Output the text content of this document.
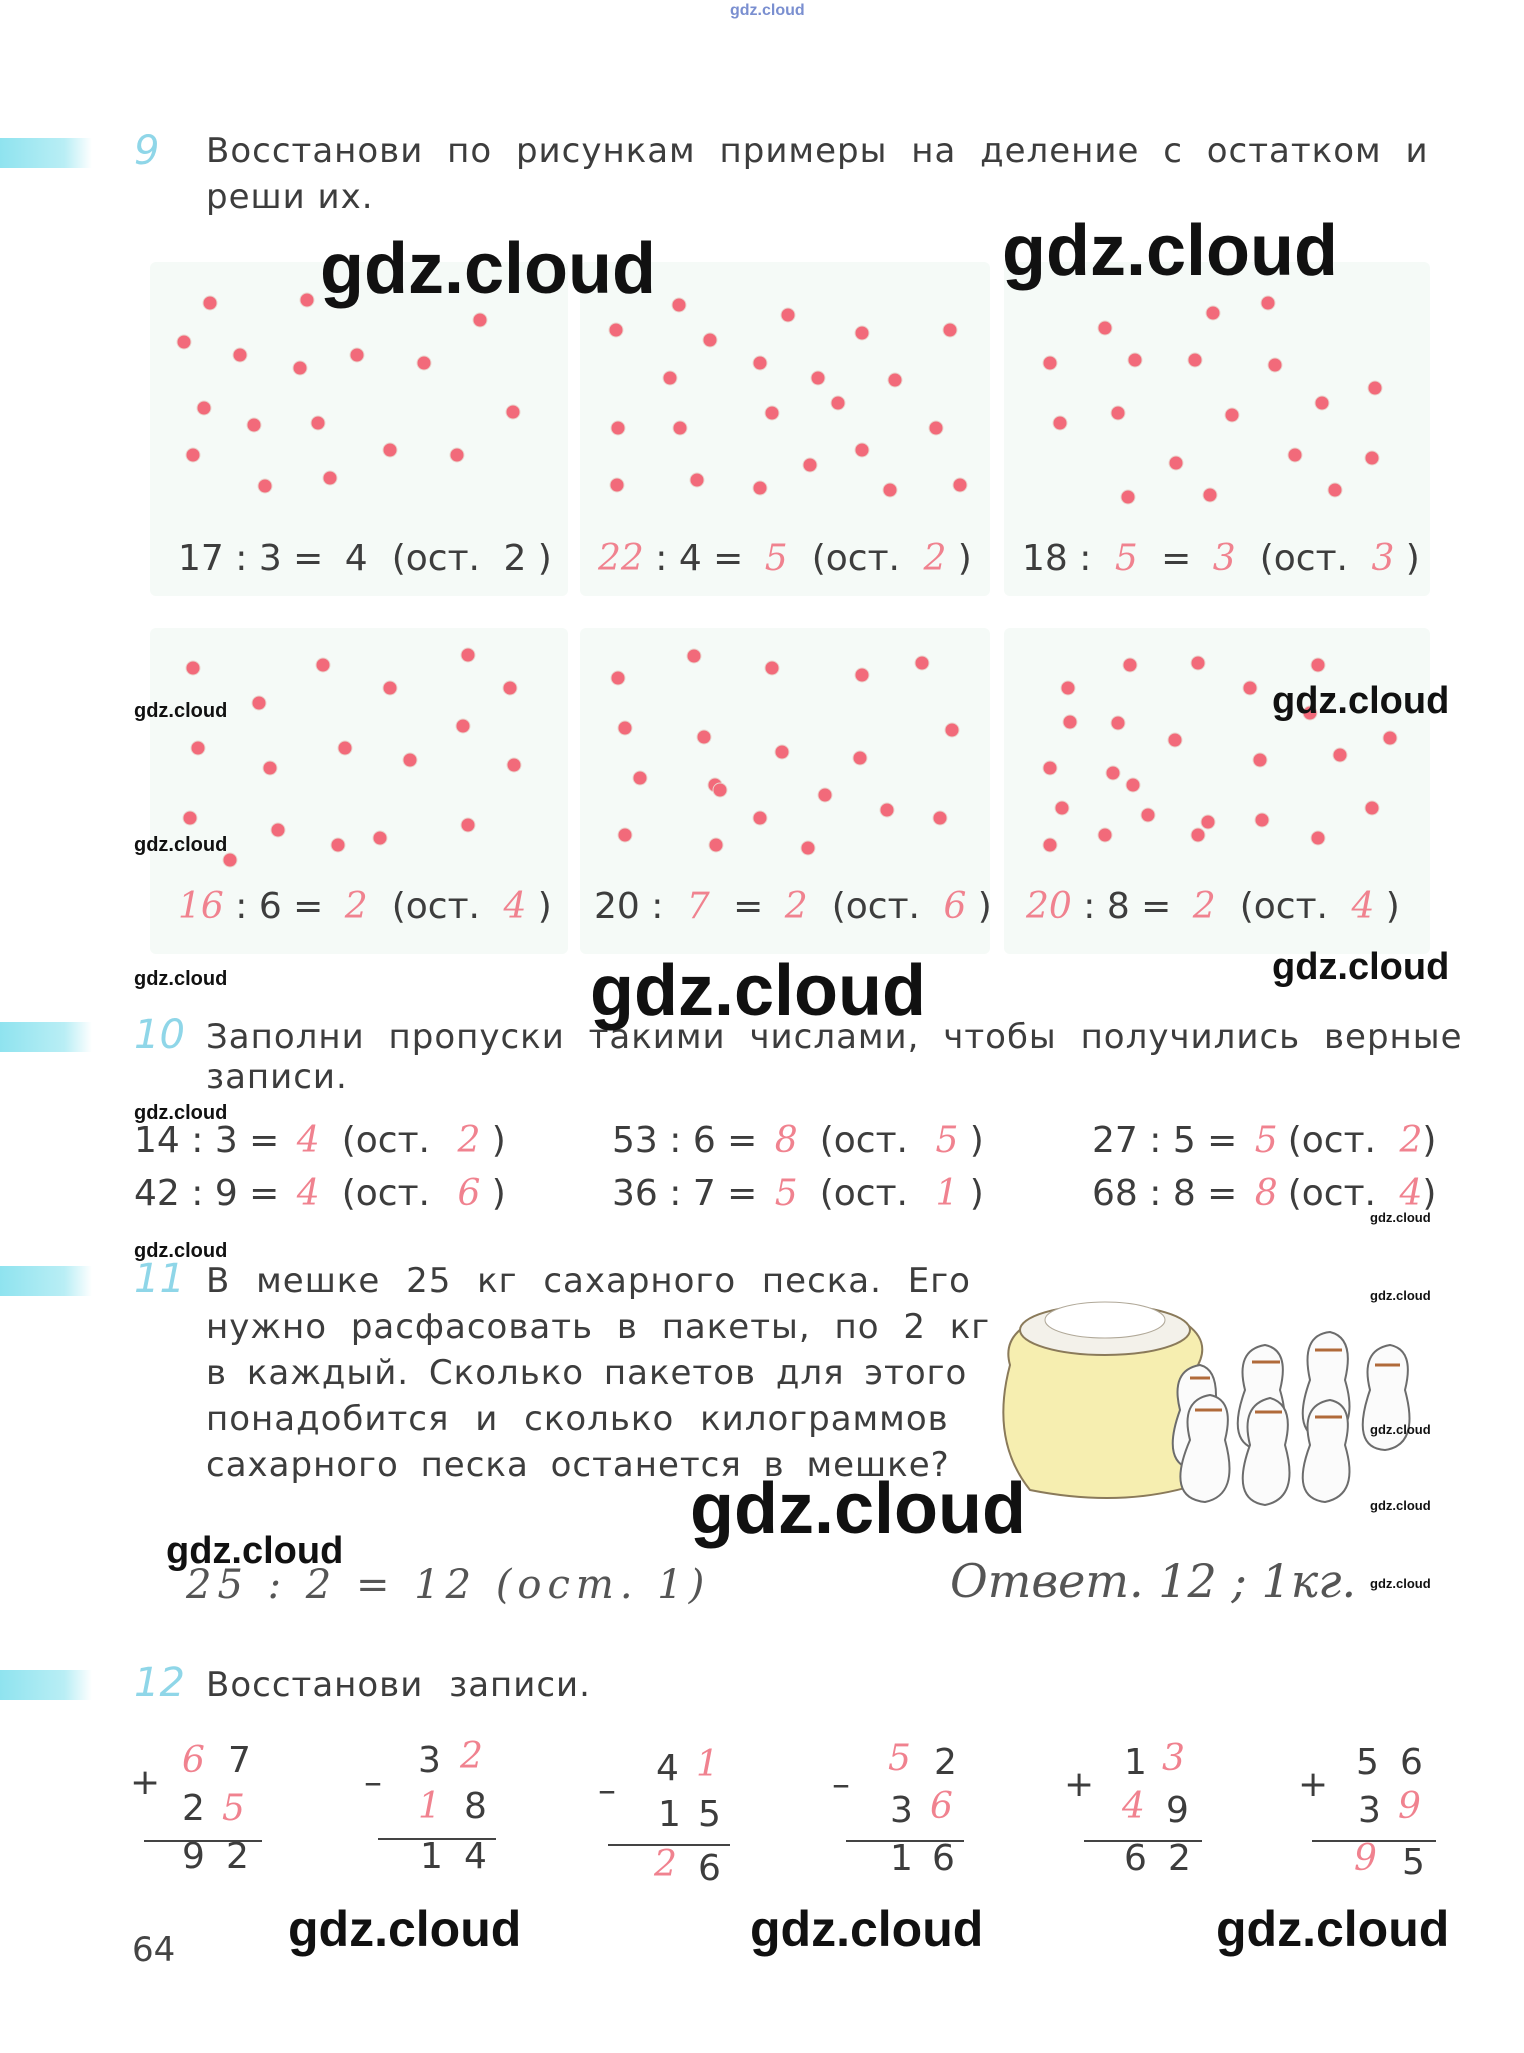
gdz.cloud
9 Восстанови по рисункам примеры на деление с остатком и
реши их.
17 : 3 = 4 (ост. 2 ) 22 : 4 = 5 (ост. 2 ) 18 : 5 = 3 (ост. 3 )
16 : 6 = 2 (ост. 4 ) 20 : 7 = 2 (ост. 6 ) 20 : 8 = 2 (ост. 4 )
10 Заполни пропуски такими числами, чтобы получились верные
записи.
14 : 3 = 4 (ост. 2 )	53 : 6 = 8 (ост. 5 )	27 : 5 = 5 (ост. 2)
42 : 9 = 4 (ост. 6 )	36 : 7 = 5 (ост. 1 )	68 : 8 = 8 (ост. 4)
11 В мешке 25 кг сахарного песка. Его
нужно расфасовать в пакеты, по 2 кг
в каждый. Сколько пакетов для этого
понадобится и сколько килограммов
сахарного песка останется в мешке?
25 : 2 = 12 (ост. 1)	Ответ. 12 ; 1кг.
12 Восстанови записи.
+
6 7
2 5
9 2
–
3 2
1 8
1 4
–
4 1
1 5
2 6
–
5 2
3 6
1 6
+
1 3
4 9
6 2
+
5 6
3 9
9 5
64
gdz.cloud	gdz.cloud
gdz.cloud	gdz.cloud
gdz.cloud
gdz.cloud	gdz.cloud	gdz.cloud
gdz.cloud
gdz.cloud
gdz.cloud
gdz.cloud
gdz.cloud
gdz.cloud	gdz.cloud
gdz.cloud
gdz.cloud
gdz.cloud	gdz.cloud	gdz.cloud
